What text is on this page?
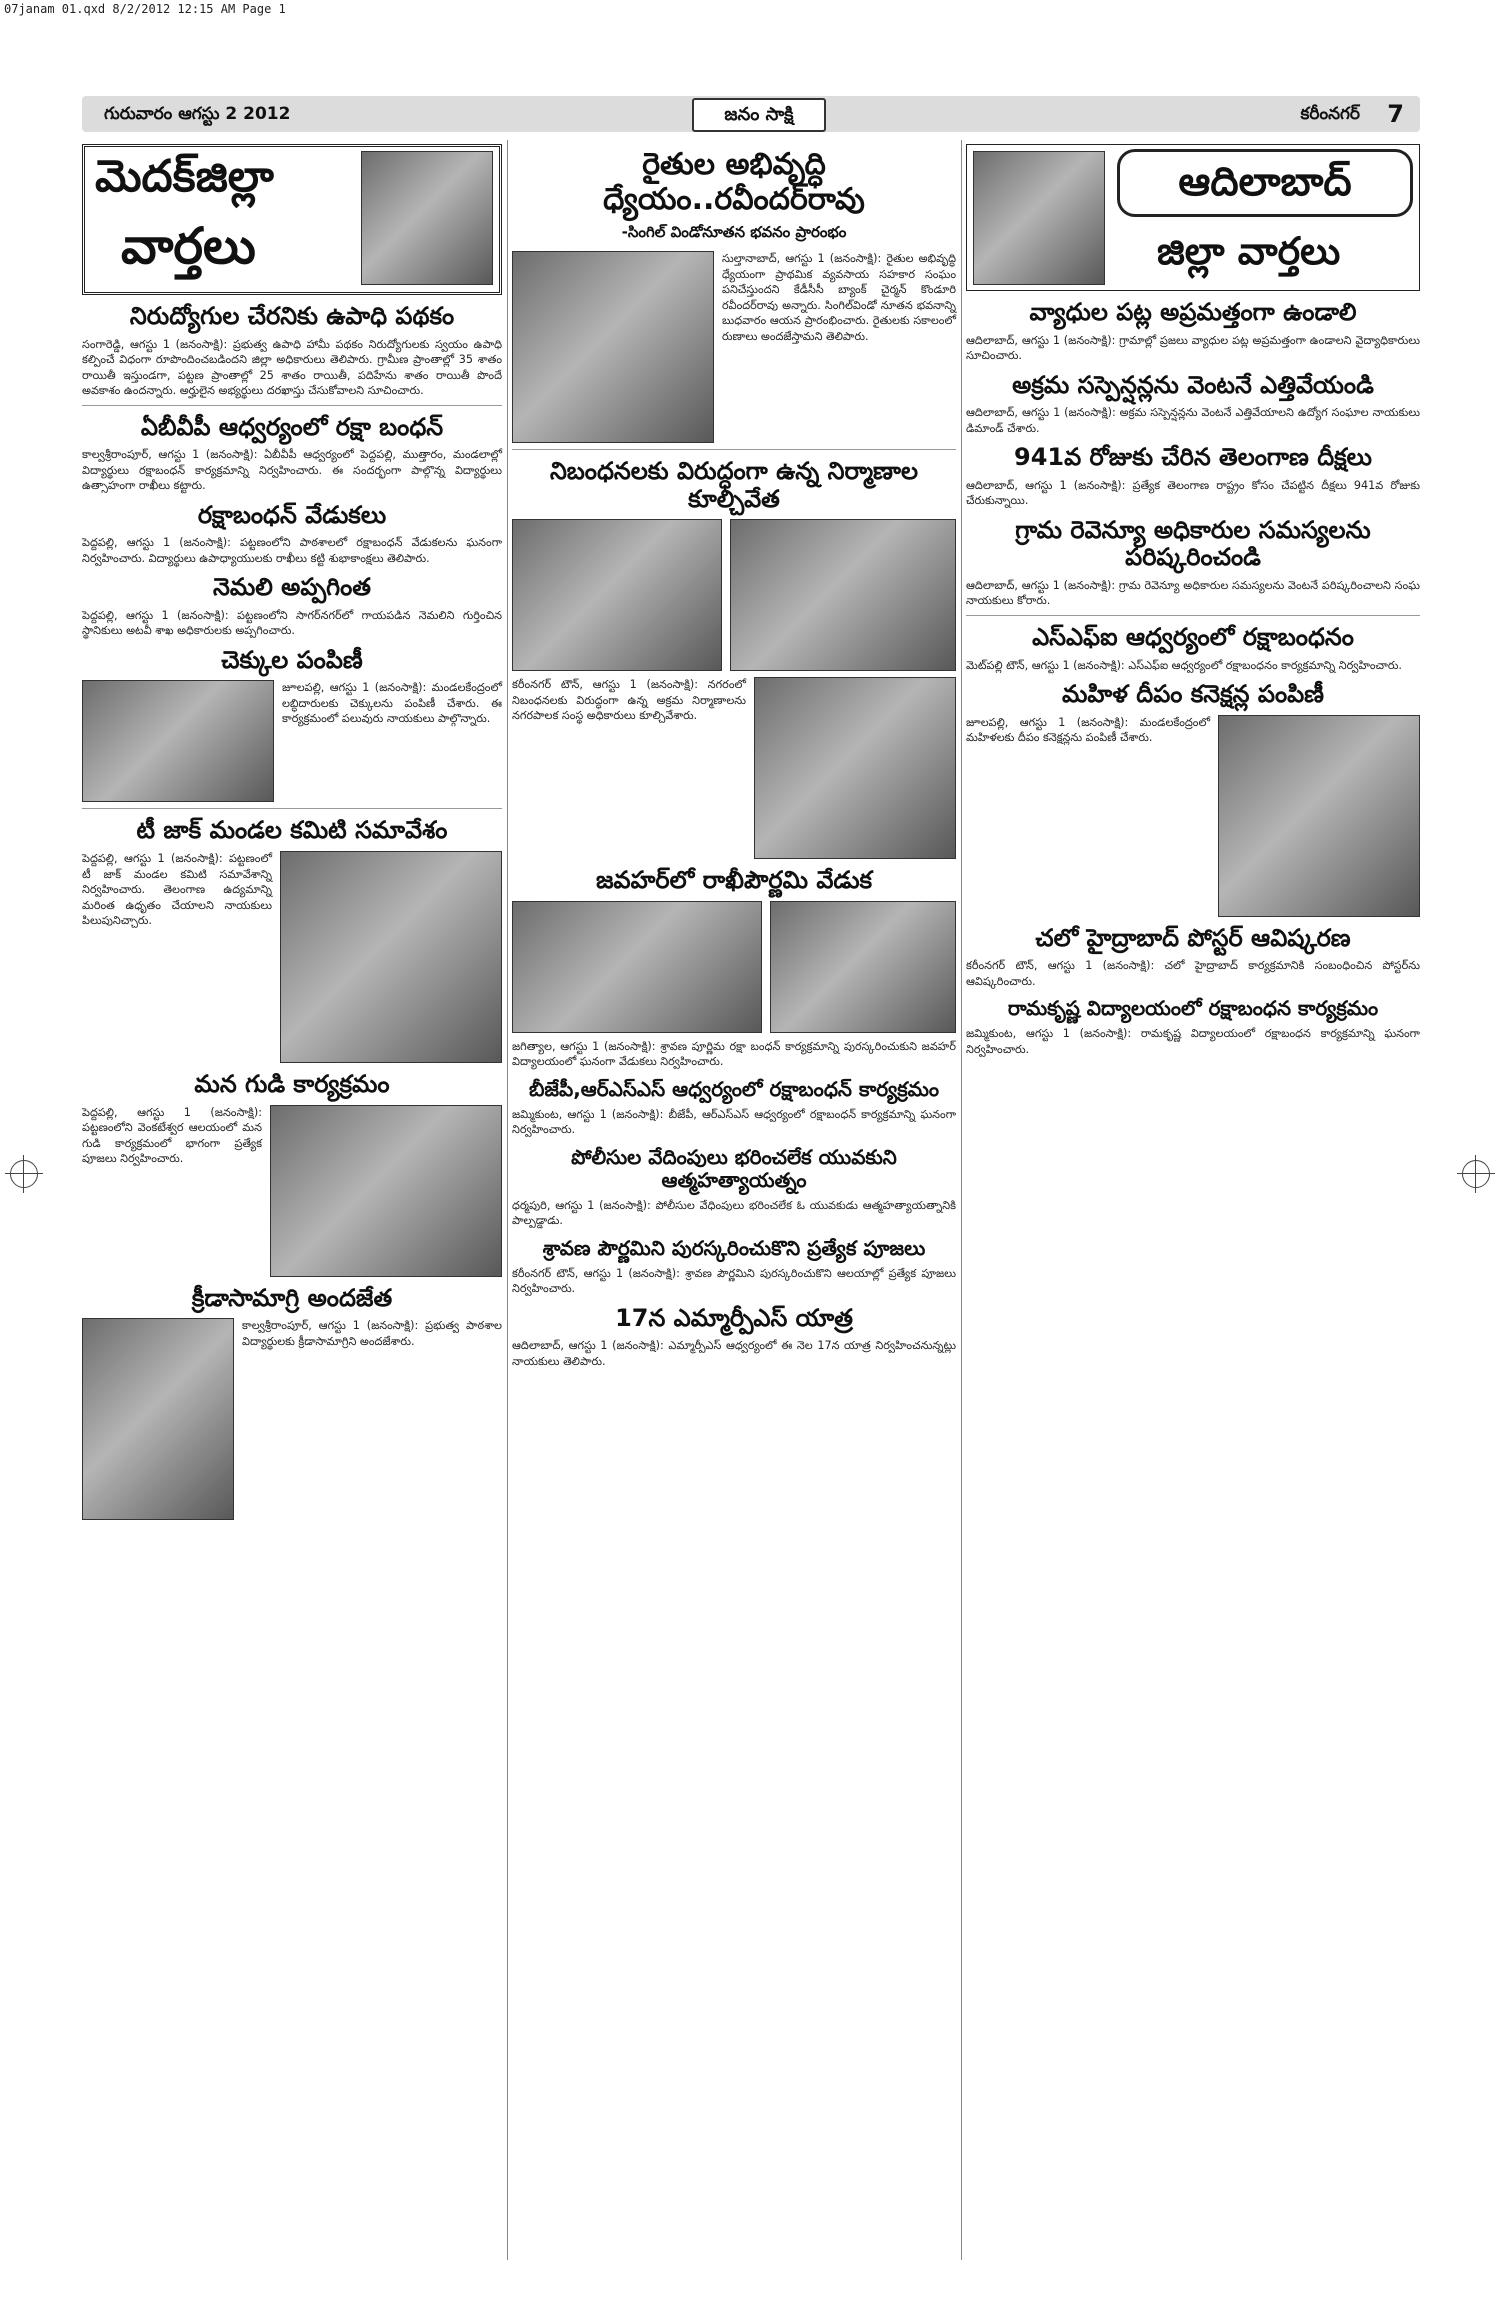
07janam 01.qxd 8/2/2012 12:15 AM Page 1
గురువారం ఆగస్టు 2 2012	జనం సాక్షి	కరీంనగర్ 7
మెదక్‌జిల్లా
వార్తలు
నిరుద్యోగుల చేరనికు ఉపాధి పథకం

సంగారెడ్డి, ఆగస్టు 1 (జనంసాక్షి): ప్రభుత్వ ఉపాధి హామీ పథకం నిరుద్యోగులకు స్వయం ఉపాధి కల్పించే విధంగా రూపొందించబడిందని జిల్లా అధికారులు తెలిపారు. గ్రామీణ ప్రాంతాల్లో 35 శాతం రాయితీ ఇస్తుండగా, పట్టణ ప్రాంతాల్లో 25 శాతం రాయితీ, పదిహేను శాతం రాయితీ పొందే అవకాశం ఉందన్నారు. అర్హులైన అభ్యర్థులు దరఖాస్తు చేసుకోవాలని సూచించారు.

ఏబీవీపీ ఆధ్వర్యంలో రక్షా బంధన్‌

కాల్వశ్రీరాంపూర్‌, ఆగస్టు 1 (జనంసాక్షి): ఏబీవీపీ ఆధ్వర్యంలో పెద్దపల్లి, ముత్తారం, మండలాల్లో విద్యార్థులు రక్షాబంధన్‌ కార్యక్రమాన్ని నిర్వహించారు. ఈ సందర్భంగా పాల్గొన్న విద్యార్థులు ఉత్సాహంగా రాఖీలు కట్టారు.

రక్షాబంధన్‌ వేడుకలు

పెద్దపల్లి, ఆగస్టు 1 (జనంసాక్షి): పట్టణంలోని పాఠశాలలో రక్షాబంధన్‌ వేడుకలను ఘనంగా నిర్వహించారు. విద్యార్థులు ఉపాధ్యాయులకు రాఖీలు కట్టి శుభాకాంక్షలు తెలిపారు.

నెమలి అప్పగింత

పెద్దపల్లి, ఆగస్టు 1 (జనంసాక్షి): పట్టణంలోని సాగర్‌నగర్‌లో గాయపడిన నెమలిని గుర్తించిన స్థానికులు అటవీ శాఖ అధికారులకు అప్పగించారు.

చెక్కుల పంపిణీ

జూలపల్లి, ఆగస్టు 1 (జనంసాక్షి): మండలకేంద్రంలో లబ్ధిదారులకు చెక్కులను పంపిణీ చేశారు. ఈ కార్యక్రమంలో పలువురు నాయకులు పాల్గొన్నారు.

టీ జాక్‌ మండల కమిటి సమావేశం

పెద్దపల్లి, ఆగస్టు 1 (జనంసాక్షి): పట్టణంలో టీ జాక్‌ మండల కమిటి సమావేశాన్ని నిర్వహించారు. తెలంగాణ ఉద్యమాన్ని మరింత ఉధృతం చేయాలని నాయకులు పిలుపునిచ్చారు.

మన గుడి కార్యక్రమం

పెద్దపల్లి, ఆగస్టు 1 (జనంసాక్షి): పట్టణంలోని వెంకటేశ్వర ఆలయంలో మన గుడి కార్యక్రమంలో భాగంగా ప్రత్యేక పూజలు నిర్వహించారు.

క్రీడాసామాగ్రి అందజేత

కాల్వశ్రీరాంపూర్‌, ఆగస్టు 1 (జనంసాక్షి): ప్రభుత్వ పాఠశాల విద్యార్థులకు క్రీడాసామాగ్రిని అందజేశారు.

రైతుల అభివృద్ధి ధ్యేయం..రవీందర్‌రావు
-సింగిల్‌ విండోనూతన భవనం ప్రారంభం

సుల్తానాబాద్‌, ఆగస్టు 1 (జనంసాక్షి): రైతుల అభివృద్ధి ధ్యేయంగా ప్రాథమిక వ్యవసాయ సహకార సంఘం పనిచేస్తుందని కేడీసీసీ బ్యాంక్‌ చైర్మన్‌ కొండూరి రవీందర్‌రావు అన్నారు. సింగిల్‌విండో నూతన భవనాన్ని బుధవారం ఆయన ప్రారంభించారు. రైతులకు సకాలంలో రుణాలు అందజేస్తామని తెలిపారు.

నిబంధనలకు విరుద్ధంగా ఉన్న నిర్మాణాల కూల్చివేత

కరీంనగర్‌ టౌన్‌, ఆగస్టు 1 (జనంసాక్షి): నగరంలో నిబంధనలకు విరుద్ధంగా ఉన్న అక్రమ నిర్మాణాలను నగరపాలక సంస్థ అధికారులు కూల్చివేశారు.

జవహర్‌లో రాఖీపౌర్ణమి వేడుక

జగిత్యాల, ఆగస్టు 1 (జనంసాక్షి): శ్రావణ పూర్ణిమ రక్షా బంధన్‌ కార్యక్రమాన్ని పురస్కరించుకుని జవహర్‌ విద్యాలయంలో ఘనంగా వేడుకలు నిర్వహించారు.

బీజేపీ,ఆర్‌ఎస్‌ఎస్‌ ఆధ్వర్యంలో రక్షాబంధన్‌ కార్యక్రమం

జమ్మికుంట, ఆగస్టు 1 (జనంసాక్షి): బీజేపీ, ఆర్‌ఎస్‌ఎస్‌ ఆధ్వర్యంలో రక్షాబంధన్‌ కార్యక్రమాన్ని ఘనంగా నిర్వహించారు.

పోలీసుల వేదింపులు భరించలేక యువకుని ఆత్మహత్యాయత్నం

ధర్మపురి, ఆగస్టు 1 (జనంసాక్షి): పోలీసుల వేధింపులు భరించలేక ఓ యువకుడు ఆత్మహత్యాయత్నానికి పాల్పడ్డాడు.

శ్రావణ పౌర్ణమిని పురస్కరించుకొని ప్రత్యేక పూజలు

కరీంనగర్‌ టౌన్‌, ఆగస్టు 1 (జనంసాక్షి): శ్రావణ పౌర్ణమిని పురస్కరించుకొని ఆలయాల్లో ప్రత్యేక పూజలు నిర్వహించారు.

17న ఎమ్మార్పీఎస్‌ యాత్ర

ఆదిలాబాద్‌, ఆగస్టు 1 (జనంసాక్షి): ఎమ్మార్పీఎస్‌ ఆధ్వర్యంలో ఈ నెల 17న యాత్ర నిర్వహించనున్నట్లు నాయకులు తెలిపారు.

ఆదిలాబాద్‌
జిల్లా వార్తలు
వ్యాధుల పట్ల అప్రమత్తంగా ఉండాలి

ఆదిలాబాద్‌, ఆగస్టు 1 (జనంసాక్షి): గ్రామాల్లో ప్రజలు వ్యాధుల పట్ల అప్రమత్తంగా ఉండాలని వైద్యాధికారులు సూచించారు.

అక్రమ సస్పెన్షన్లను వెంటనే ఎత్తివేయండి

ఆదిలాబాద్‌, ఆగస్టు 1 (జనంసాక్షి): అక్రమ సస్పెన్షన్లను వెంటనే ఎత్తివేయాలని ఉద్యోగ సంఘాల నాయకులు డిమాండ్‌ చేశారు.

941వ రోజుకు చేరిన తెలంగాణ దీక్షలు

ఆదిలాబాద్‌, ఆగస్టు 1 (జనంసాక్షి): ప్రత్యేక తెలంగాణ రాష్ట్రం కోసం చేపట్టిన దీక్షలు 941వ రోజుకు చేరుకున్నాయి.

గ్రామ రెవెన్యూ అధికారుల సమస్యలను పరిష్కరించండి

ఆదిలాబాద్‌, ఆగస్టు 1 (జనంసాక్షి): గ్రామ రెవెన్యూ అధికారుల సమస్యలను వెంటనే పరిష్కరించాలని సంఘ నాయకులు కోరారు.

ఎస్‌ఎఫ్‌ఐ ఆధ్వర్యంలో రక్షాబంధనం

మెట్‌పల్లి టౌన్‌, ఆగస్టు 1 (జనంసాక్షి): ఎస్‌ఎఫ్‌ఐ ఆధ్వర్యంలో రక్షాబంధనం కార్యక్రమాన్ని నిర్వహించారు.

మహిళ దీపం కనెక్షన్ల పంపిణీ

జూలపల్లి, ఆగస్టు 1 (జనంసాక్షి): మండలకేంద్రంలో మహిళలకు దీపం కనెక్షన్లను పంపిణీ చేశారు.

చలో హైద్రాబాద్‌ పోస్టర్‌ ఆవిష్కరణ

కరీంనగర్‌ టౌన్‌, ఆగస్టు 1 (జనంసాక్షి): చలో హైద్రాబాద్‌ కార్యక్రమానికి సంబంధించిన పోస్టర్‌ను ఆవిష్కరించారు.

రామకృష్ణ విద్యాలయంలో రక్షాబంధన కార్యక్రమం

జమ్మికుంట, ఆగస్టు 1 (జనంసాక్షి): రామకృష్ణ విద్యాలయంలో రక్షాబంధన కార్యక్రమాన్ని ఘనంగా నిర్వహించారు.
